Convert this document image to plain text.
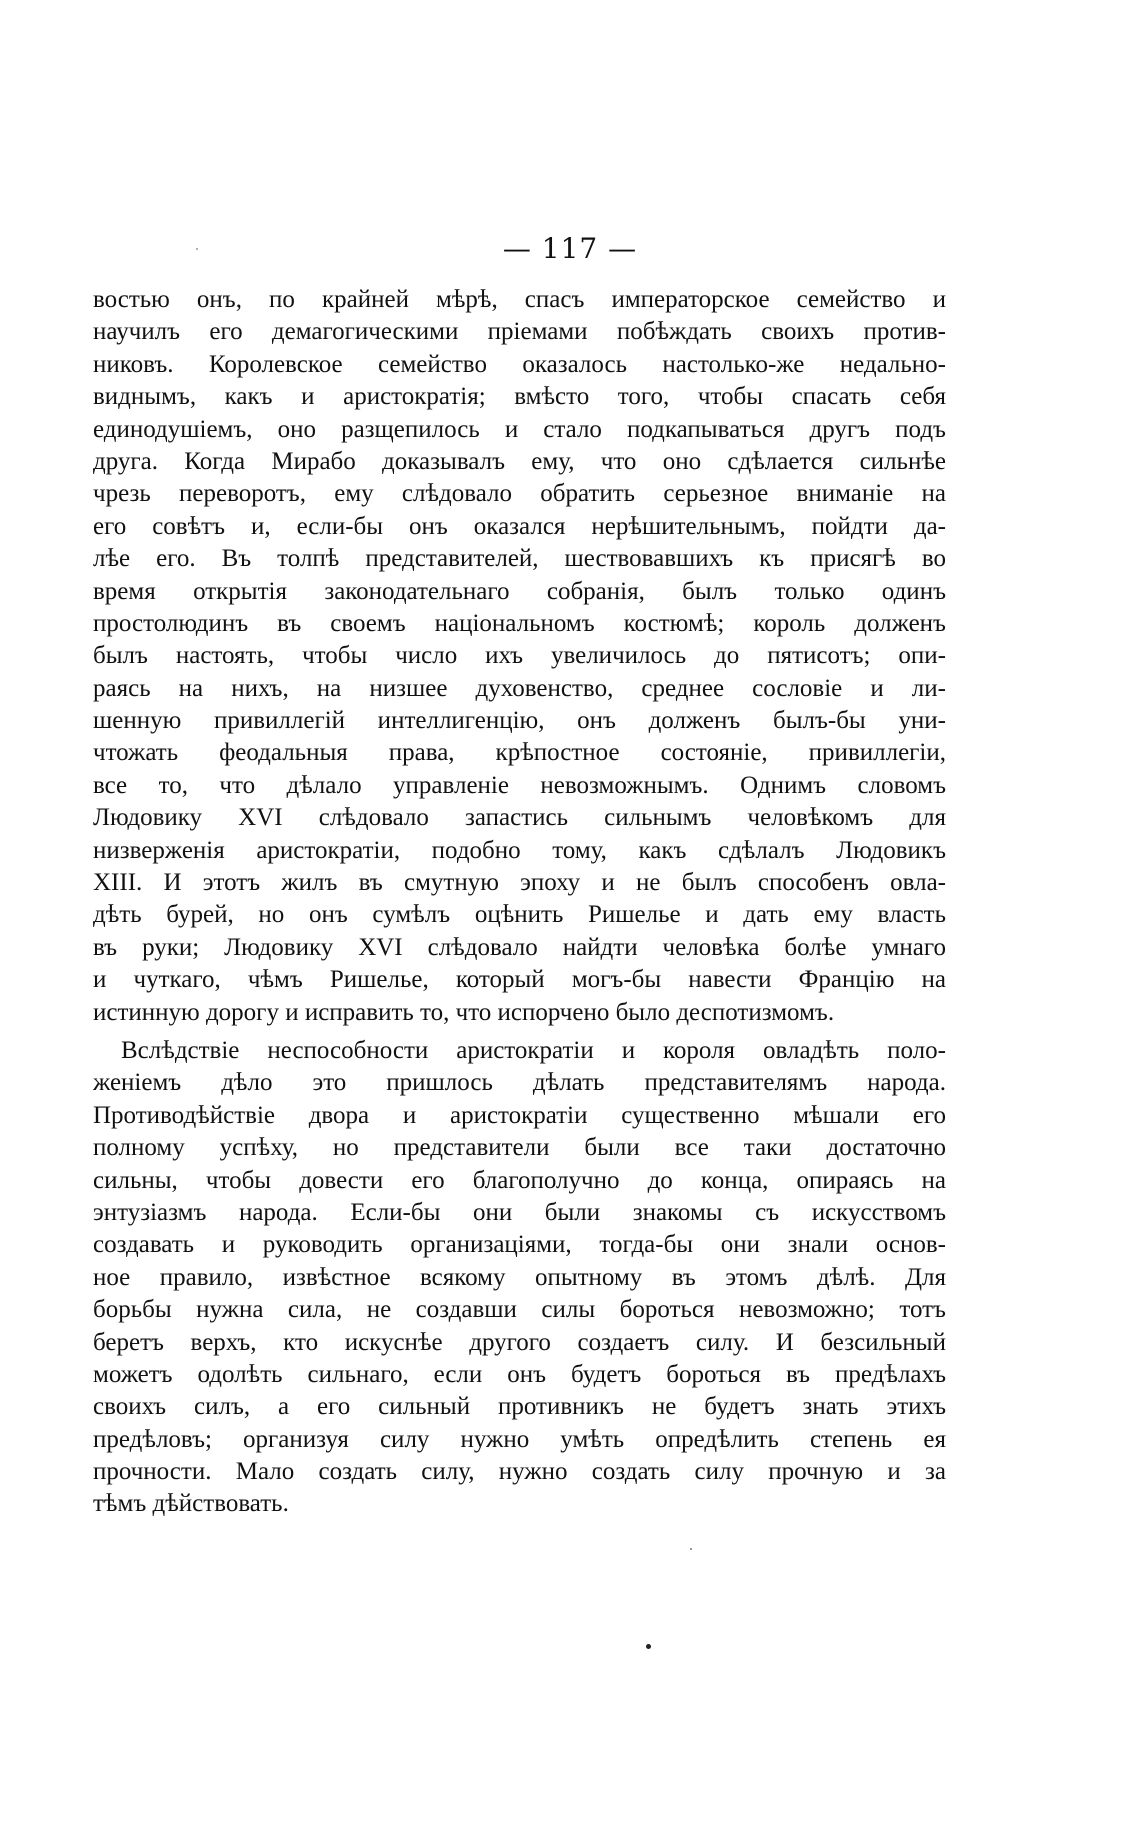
— 117 —
востью онъ, по крайней мѣрѣ, спасъ императорское семейство и
научилъ его демагогическими пріемами побѣждать своихъ против-
никовъ. Королевское семейство оказалось настолько-же недально-
виднымъ, какъ и аристократія; вмѣсто того, чтобы спасать себя
единодушіемъ, оно разщепилось и стало подкапываться другъ подъ
друга. Когда Мирабо доказывалъ ему, что оно сдѣлается сильнѣе
чрезь переворотъ, ему слѣдовало обратить серьезное вниманіе на
его совѣтъ и, если-бы онъ оказался нерѣшительнымъ, пойдти да-
лѣе его. Въ толпѣ представителей, шествовавшихъ къ присягѣ во
время открытія законодательнаго собранія, былъ только одинъ
простолюдинъ въ своемъ національномъ костюмѣ; король долженъ
былъ настоять, чтобы число ихъ увеличилось до пятисотъ; опи-
раясь на нихъ, на низшее духовенство, среднее сословіе и ли-
шенную привиллегій интеллигенцію, онъ долженъ былъ-бы уни-
чтожать феодальныя права, крѣпостное состояніе, привиллегіи,
все то, что дѣлало управленіе невозможнымъ. Однимъ словомъ
Людовику XVI слѣдовало запастись сильнымъ человѣкомъ для
низверженія аристократіи, подобно тому, какъ сдѣлалъ Людовикъ
XIII. И этотъ жилъ въ смутную эпоху и не былъ способенъ овла-
дѣть бурей, но онъ сумѣлъ оцѣнить Ришелье и дать ему власть
въ руки; Людовику XVI слѣдовало найдти человѣка болѣе умнаго
и чуткаго, чѣмъ Ришелье, который могъ-бы навести Францію на
истинную дорогу и исправить то, что испорчено было деспотизмомъ.
Вслѣдствіе неспособности аристократіи и короля овладѣть поло-
женіемъ дѣло это пришлось дѣлать представителямъ народа.
Противодѣйствіе двора и аристократіи существенно мѣшали его
полному успѣху, но представители были все таки достаточно
сильны, чтобы довести его благополучно до конца, опираясь на
энтузіазмъ народа. Если-бы они были знакомы съ искусствомъ
создавать и руководить организаціями, тогда-бы они знали основ-
ное правило, извѣстное всякому опытному въ этомъ дѣлѣ. Для
борьбы нужна сила, не создавши силы бороться невозможно; тотъ
беретъ верхъ, кто искуснѣе другого создаетъ силу. И безсильный
можетъ одолѣть сильнаго, если онъ будетъ бороться въ предѣлахъ
своихъ силъ, а его сильный противникъ не будетъ знать этихъ
предѣловъ; организуя силу нужно умѣть опредѣлить степень ея
прочности. Мало создать силу, нужно создать силу прочную и за
тѣмъ дѣйствовать.
